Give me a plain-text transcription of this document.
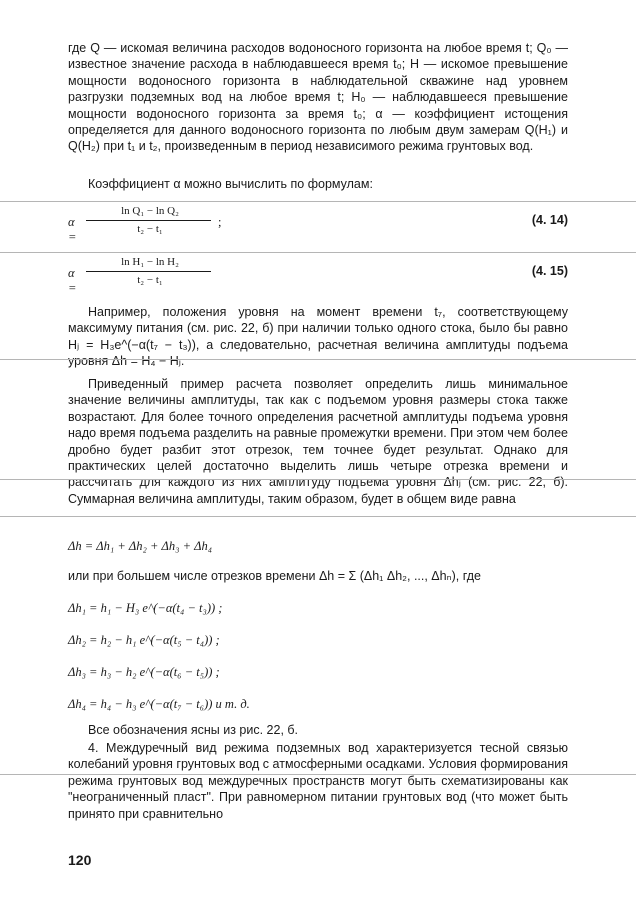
где Q — искомая величина расходов водоносного горизонта на любое время t; Q₀ — известное значение расхода в наблюдавшееся время t₀; H — искомое превышение мощности водоносного горизонта в наблюдательной скважине над уровнем разгрузки подземных вод на любое время t; H₀ — наблюдавшееся превышение мощности водоносного горизонта за время t₀; α — коэффициент истощения определяется для данного водоносного горизонта по любым двум замерам Q(H₁) и Q(H₂) при t₁ и t₂, произведенным в период независимого режима грунтовых вод.

Коэффициент α можно вычислить по формулам:

α =
ln Q₁ − ln Q₂
t₂ − t₁	;	(4. 14)
α =
ln H₁ − ln H₂
t₂ − t₁
(4. 15)

Например, положения уровня на момент времени t₇, соответствующему максимуму питания (см. рис. 22, б) при наличии только одного стока, было бы равно Hⱼ = H₃e^(−α(t₇ − t₃)), а следовательно, расчетная величина амплитуды подъема уровня Δh = H₄ − Hⱼ.

Приведенный пример расчета позволяет определить лишь минимальное значение величины амплитуды, так как с подъемом уровня размеры стока также возрастают. Для более точного определения расчетной амплитуды подъема уровня надо время подъема разделить на равные промежутки времени. При этом чем более дробно будет разбит этот отрезок, тем точнее будет результат. Однако для практических целей достаточно выделить лишь четыре отрезка времени и рассчитать для каждого из них амплитуду подъема уровня Δhⱼ (см. рис. 22, б). Суммарная величина амплитуды, таким образом, будет в общем виде равна

Δh = Δh₁ + Δh₂ + Δh₃ + Δh₄
или при большем числе отрезков времени Δh = Σ (Δh₁ Δh₂, ..., Δhₙ), где
Δh₁ = h₁ − H₃ e^(−α(t₄ − t₃)) ;
Δh₂ = h₂ − h₁ e^(−α(t₅ − t₄)) ;
Δh₃ = h₃ − h₂ e^(−α(t₆ − t₅)) ;
Δh₄ = h₄ − h₃ e^(−α(t₇ − t₆)) и т. д.

Все обозначения ясны из рис. 22, б.

4. Междуречный вид режима подземных вод характеризуется тесной связью колебаний уровня грунтовых вод с атмосферными осадками. Условия формирования режима грунтовых вод междуречных пространств могут быть схематизированы как "неограниченный пласт". При равномерном питании грунтовых вод (что может быть принято при сравнительно

120
